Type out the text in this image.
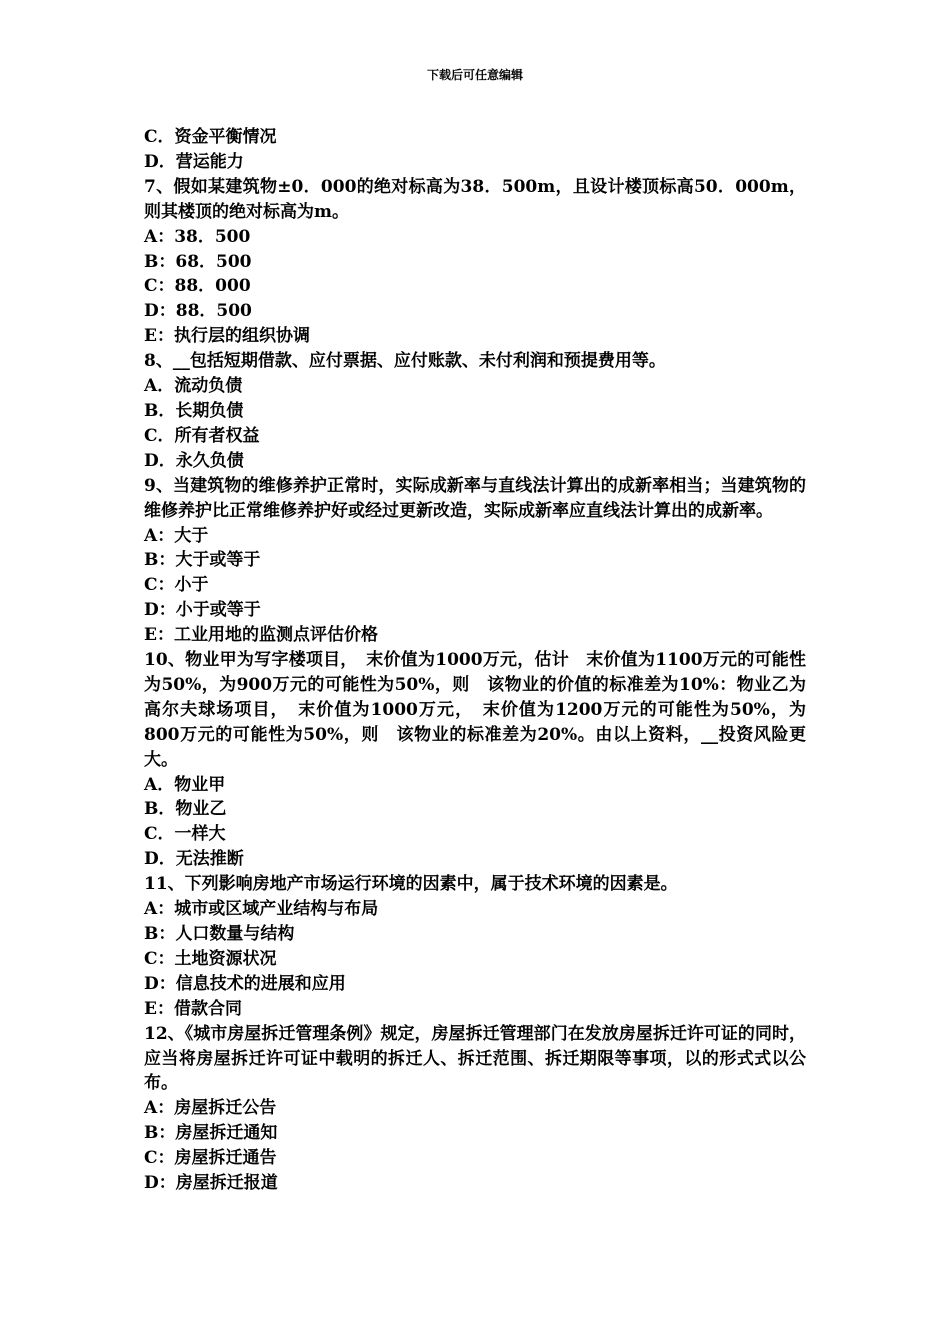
下载后可任意编辑

C．资金平衡情况

D．营运能力

7、假如某建筑物±0．000的绝对标高为38．500m，且设计楼顶标高50．000m，则其楼顶的绝对标高为m。

A：38．500

B：68．500

C：88．000

D：88．500

E：执行层的组织协调

8、__包括短期借款、应付票据、应付账款、未付利润和预提费用等。

A．流动负债

B．长期负债

C．所有者权益

D．永久负债

9、当建筑物的维修养护正常时，实际成新率与直线法计算出的成新率相当；当建筑物的维修养护比正常维修养护好或经过更新改造，实际成新率应直线法计算出的成新率。

A：大于

B：大于或等于

C：小于

D：小于或等于

E：工业用地的监测点评估价格

10、物业甲为写字楼项目，　末价值为1000万元，估计　末价值为1100万元的可能性为50%，为900万元的可能性为50%，则　该物业的价值的标准差为10%：物业乙为高尔夫球场项目，　末价值为1000万元，　末价值为1200万元的可能性为50%，为800万元的可能性为50%，则　该物业的标准差为20%。由以上资料，__投资风险更大。

A．物业甲

B．物业乙

C．一样大

D．无法推断

11、下列影响房地产市场运行环境的因素中，属于技术环境的因素是。

A：城市或区域产业结构与布局

B：人口数量与结构

C：土地资源状况

D：信息技术的进展和应用

E：借款合同

12、《城市房屋拆迁管理条例》规定，房屋拆迁管理部门在发放房屋拆迁许可证的同时，应当将房屋拆迁许可证中载明的拆迁人、拆迁范围、拆迁期限等事项，以的形式式以公布。

A：房屋拆迁公告

B：房屋拆迁通知

C：房屋拆迁通告

D：房屋拆迁报道
